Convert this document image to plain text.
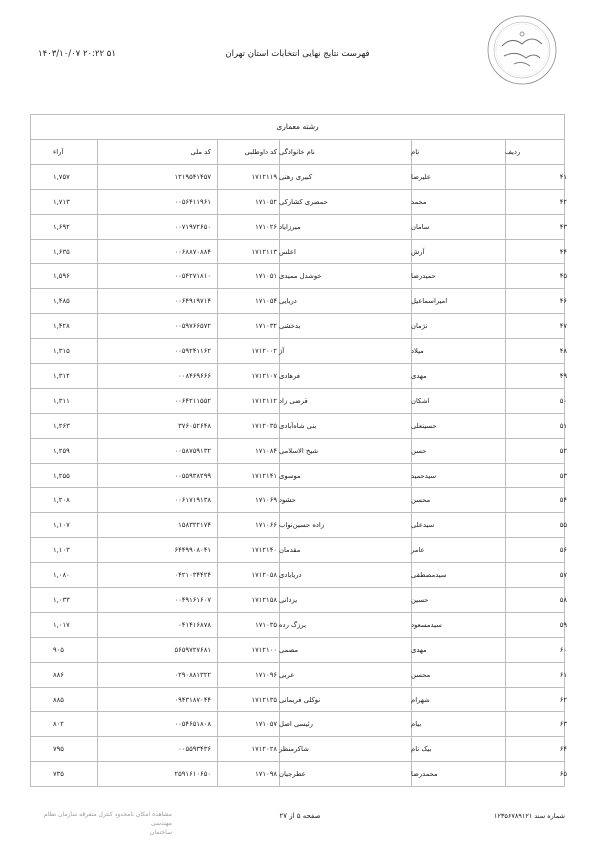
۱۴۰۳/۱۰/۰۷ ۲۰:۲۲ ۵۱	فهرست نتایج نهایی انتخابات استان تهران
رشته معماری
ردیف
نام
نام خانوادگی
کد داوطلبی
کد ملی
آراء
۴۱
علیرضا
کبیری رهنی
۱۷۱۲۱۱۹
۱۲۱۹۵۴۱۴۵۷
۱,۷۵۷
۴۲
محمد
حمصری کشارکی
۱۷۱۰۵۲
۰۰۵۶۴۱۱۹۶۱
۱,۷۱۳
۴۳
سامان
میرزایاد
۱۷۱۰۲۶
۰۰۷۱۹۷۲۶۵۰
۱,۶۹۲
۴۴
آرش
اعلس
۱۷۱۲۱۱۳
۰۰۶۸۸۷۰۸۸۴
۱,۶۳۵
۴۵
حمیدرضا
خوشدل ممیدی
۱۷۱۰۵۱
۰۰۵۴۲۷۱۸۱۰
۱,۵۹۶
۴۶
امیراسماعیل
دریایی
۱۷۱۰۵۴
۰۰۶۴۹۱۹۷۱۴
۱,۴۸۵
۴۷
نژمان
بدخشی
۱۷۱۰۳۲
۰۰۵۹۷۶۶۵۷۲
۱,۴۲۸
۴۸
میلاد
آژ
۱۷۱۲۰۰۲
۰۰۵۹۲۴۱۱۶۲
۱,۳۱۵
۴۹
مهدی
فرهادی
۱۷۱۲۱۰۷
۰۰۸۴۶۹۶۶۶
۱,۳۱۲
۵۰
اشکان
قرضی زاد
۱۷۱۲۱۱۲
۰۰۶۴۲۱۱۵۵۲
۱,۳۱۱
۵۱
حسینعلی
بنی شاه‌آبادی
۱۷۱۲۰۳۵
۳۷۶۰۵۲۶۴۸
۱,۲۶۳
۵۲
حسن
شیخ الاسلامی
۱۷۱۰۸۴
۰۰۵۸۷۵۹۱۳۲
۱,۲۵۹
۵۳
سیدحمید
موسوی
۱۷۱۲۱۴۱
۰۰۵۵۹۳۸۲۹۹
۱,۲۵۵
۵۴
محسن
حشود
۱۷۱۰۶۹
۰۰۶۱۷۱۹۱۳۸
۱,۲۰۸
۵۵
سیدعلی
زاده حسین‌نواب
۱۷۱۰۶۶
۱۵۸۳۲۲۱۷۴
۱,۱۰۷
۵۶
عامر
مقدمان
۱۷۱۲۱۴۰
۶۴۴۹۹۰۸۰۴۱
۱,۱۰۳
۵۷
سیدمصطفی
دریابادی
۱۷۱۲۰۵۸
۰۴۲۱۰۳۴۴۲۴
۱,۰۸۰
۵۸
حسین
یزدانی
۱۷۱۲۱۵۸
۰۰۴۹۱۶۱۶۰۷
۱,۰۳۳
۵۹
سیدمسعود
برزگ رده
۱۷۱۰۳۵
۰۴۱۴۱۶۸۷۸
۱,۰۱۷
۶۰
مهدی
مصمی
۱۷۱۲۱۰۰
۵۶۵۹۷۲۷۶۸۱
۹۰۵
۶۱
محسن
عربی
۱۷۱۰۹۶
۰۲۹۰۸۸۱۳۲۲
۸۸۶
۶۲
شهرام
نوکلی فریمانی
۱۷۱۲۱۳۵
۰۹۴۳۱۸۷۰۴۴
۸۸۵
۶۳
بیام
رئیسی اصل
۱۷۱۰۵۷
۰۰۵۴۶۵۱۸۰۸
۸۰۲
۶۴
بیک نام
شاکرمنظر
۱۷۱۲۰۲۸
۰۰۵۵۹۳۴۳۶
۷۹۵
۶۵
محمدرضا
عطرجیان
۱۷۱۰۹۸
۲۵۹۱۶۱۰۶۵۰
۷۳۵
مشاهده امکان نامحدود کنترل متفرقه سازمان نظام مهندسی
ساختمان
صفحه ۵ از ۲۷	شماره سند ۱۲۳۵۶۷۸۹۱۲۱
